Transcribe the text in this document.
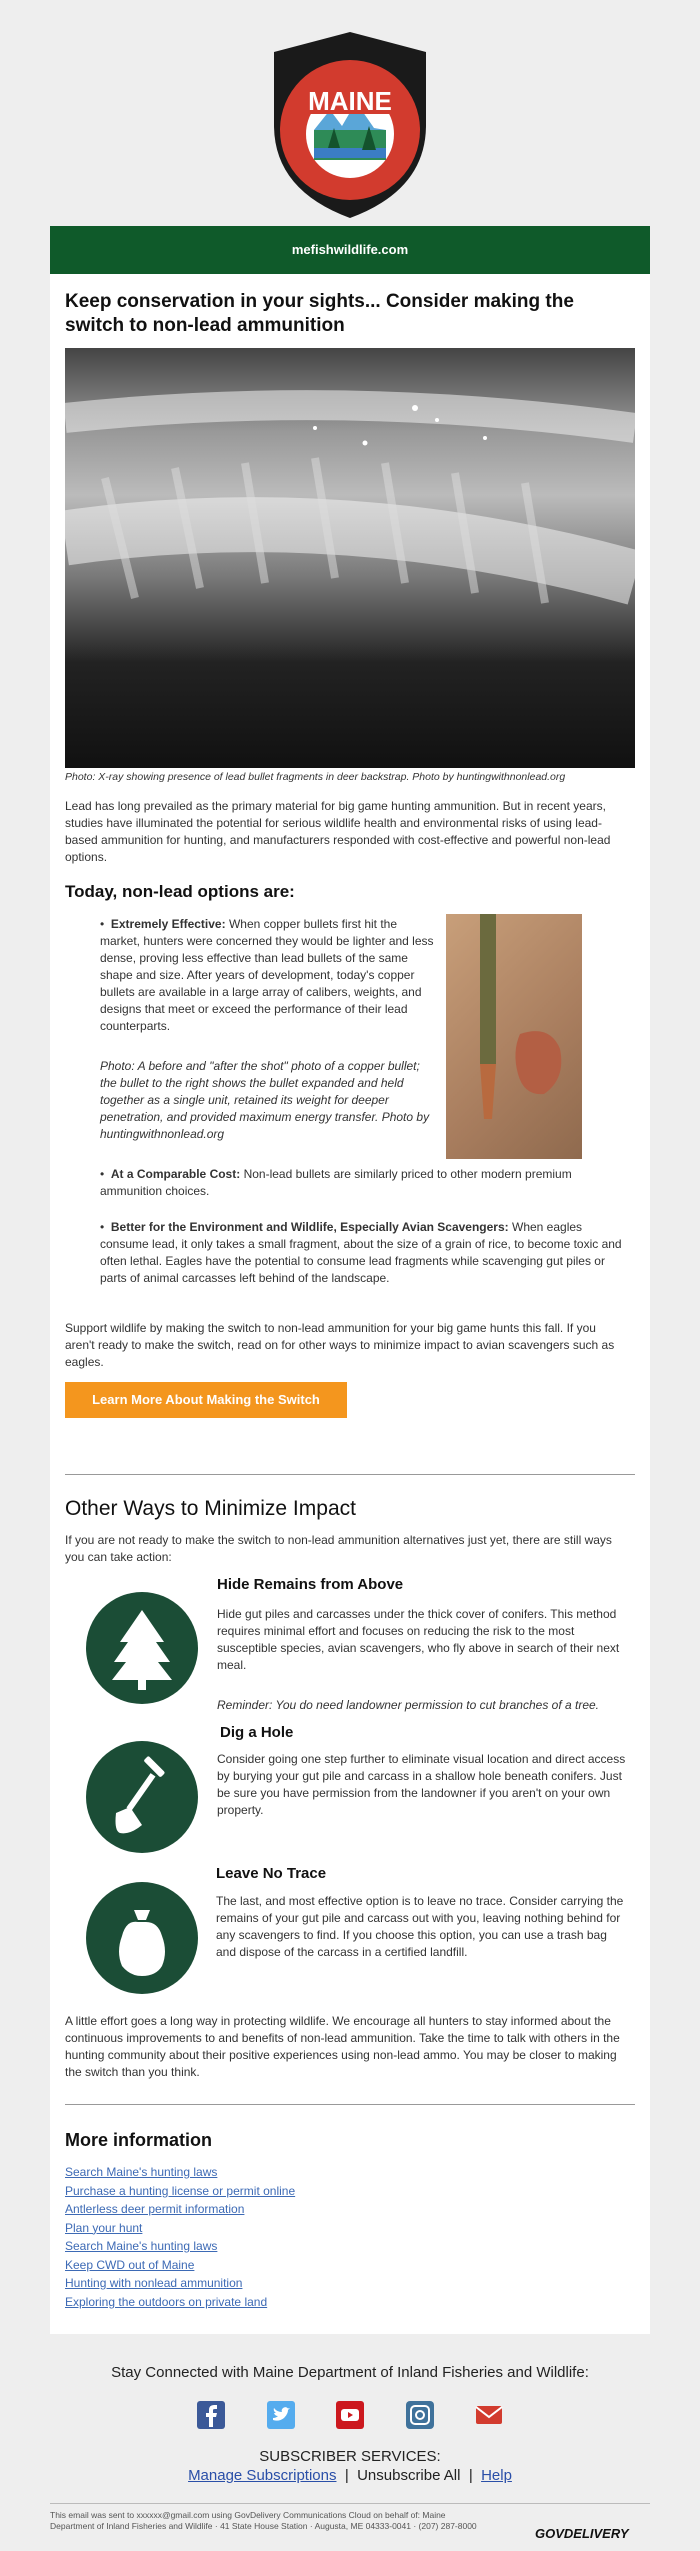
MAINE
mefishwildlife.com
Keep conservation in your sights... Consider making the switch to non-lead ammunition
Photo: X-ray showing presence of lead bullet fragments in deer backstrap. Photo by huntingwithnonlead.org

Lead has long prevailed as the primary material for big game hunting ammunition. But in recent years, studies have illuminated the potential for serious wildlife health and environmental risks of using lead-based ammunition for hunting, and manufacturers responded with cost-effective and powerful non-lead options.

Today, non-lead options are:

•  Extremely Effective: When copper bullets first hit the market, hunters were concerned they would be lighter and less dense, proving less effective than lead bullets of the same shape and size. After years of development, today's copper bullets are available in a large array of calibers, weights, and designs that meet or exceed the performance of their lead counterparts.

Photo: A before and "after the shot" photo of a copper bullet; the bullet to the right shows the bullet expanded and held together as a single unit, retained its weight for deeper penetration, and provided maximum energy transfer. Photo by huntingwithnonlead.org

•  At a Comparable Cost: Non-lead bullets are similarly priced to other modern premium ammunition choices.

•  Better for the Environment and Wildlife, Especially Avian Scavengers: When eagles consume lead, it only takes a small fragment, about the size of a grain of rice, to become toxic and often lethal. Eagles have the potential to consume lead fragments while scavenging gut piles or parts of animal carcasses left behind of the landscape.

Support wildlife by making the switch to non-lead ammunition for your big game hunts this fall. If you aren't ready to make the switch, read on for other ways to minimize impact to avian scavengers such as eagles.

Learn More About Making the Switch
Other Ways to Minimize Impact

If you are not ready to make the switch to non-lead ammunition alternatives just yet, there are still ways you can take action:

Hide Remains from Above

Hide gut piles and carcasses under the thick cover of conifers. This method requires minimal effort and focuses on reducing the risk to the most susceptible species, avian scavengers, who fly above in search of their next meal.

Reminder: You do need landowner permission to cut branches of a tree.

Dig a Hole

Consider going one step further to eliminate visual location and direct access by burying your gut pile and carcass in a shallow hole beneath conifers. Just be sure you have permission from the landowner if you aren't on your own property.

Leave No Trace

The last, and most effective option is to leave no trace. Consider carrying the remains of your gut pile and carcass out with you, leaving nothing behind for any scavengers to find. If you choose this option, you can use a trash bag and dispose of the carcass in a certified landfill.

A little effort goes a long way in protecting wildlife. We encourage all hunters to stay informed about the continuous improvements to and benefits of non-lead ammunition. Take the time to talk with others in the hunting community about their positive experiences using non-lead ammo. You may be closer to making the switch than you think.

More information
Search Maine's hunting laws
Purchase a hunting license or permit online
Antlerless deer permit information
Plan your hunt
Search Maine's hunting laws
Keep CWD out of Maine
Hunting with nonlead ammunition
Exploring the outdoors on private land
Stay Connected with Maine Department of Inland Fisheries and Wildlife:
SUBSCRIBER SERVICES:
Manage Subscriptions | Unsubscribe All | Help
This email was sent to xxxxxx@gmail.com using GovDelivery Communications Cloud on behalf of: Maine Department of Inland Fisheries and Wildlife · 41 State House Station · Augusta, ME 04333-0041 · (207) 287-8000
GOVDELIVERY
